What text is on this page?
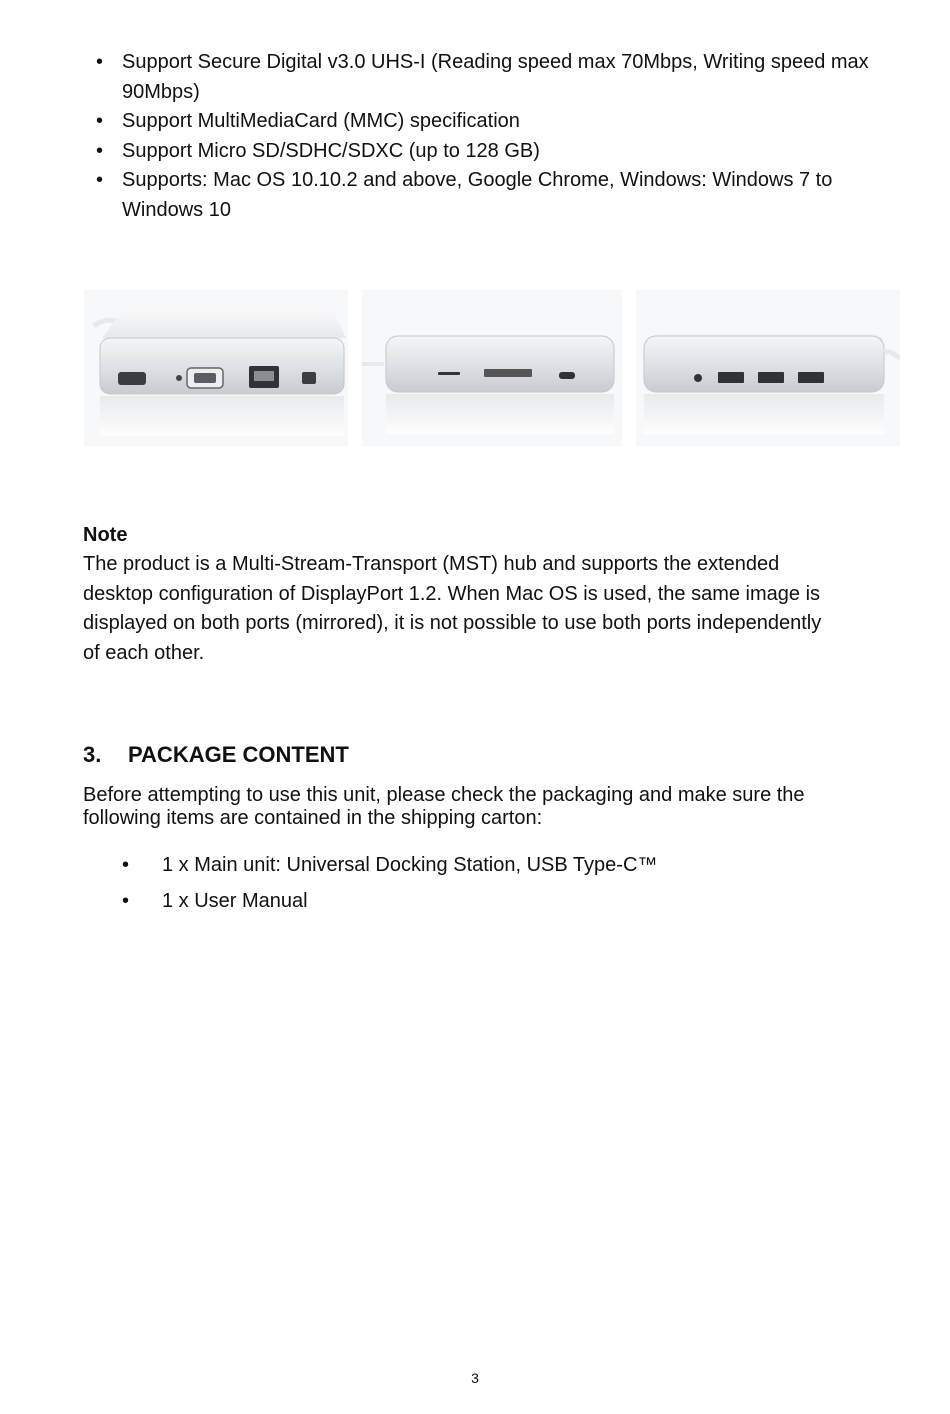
• Support Secure Digital v3.0 UHS-I (Reading speed max 70Mbps, Writing speed max 90Mbps)
• Support MultiMediaCard (MMC) specification
• Support Micro SD/SDHC/SDXC (up to 128 GB)
• Supports: Mac OS 10.10.2 and above, Google Chrome, Windows: Windows 7 to Windows 10
Note
The product is a Multi-Stream-Transport (MST) hub and supports the extended desktop configuration of DisplayPort 1.2. When Mac OS is used, the same image is displayed on both ports (mirrored), it is not possible to use both ports independently of each other.
3. PACKAGE CONTENT
Before attempting to use this unit, please check the packaging and make sure the following items are contained in the shipping carton:
• 1 x Main unit: Universal Docking Station, USB Type-C™
• 1 x User Manual
3
